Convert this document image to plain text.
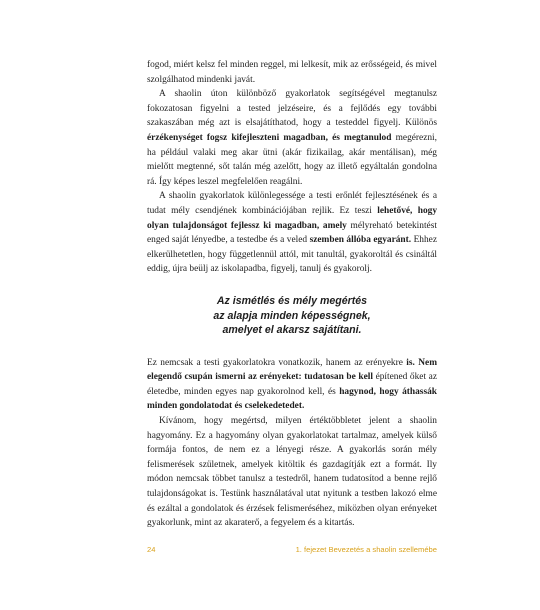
fogod, miért kelsz fel minden reggel, mi lelkesít, mik az erősségeid, és mivel szolgálhatod mindenki javát.

A shaolin úton különböző gyakorlatok segítségével megtanulsz fokozatosan figyelni a tested jelzéseire, és a fejlődés egy további szakaszában még azt is elsajátíthatod, hogy a testeddel figyelj. Különös érzékenységet fogsz kifejleszteni magadban, és megtanulod megérezni, ha például valaki meg akar ütni (akár fizikailag, akár mentálisan), még mielőtt megtenné, sőt talán még azelőtt, hogy az illető egyáltalán gondolna rá. Így képes leszel megfelelően reagálni.

A shaolin gyakorlatok különlegessége a testi erőnlét fejlesztésének és a tudat mély csendjének kombinációjában rejlik. Ez teszi lehetővé, hogy olyan tulajdonságot fejlessz ki magadban, amely mélyreható betekintést enged saját lényedbe, a testedbe és a veled szemben állóba egyaránt. Ehhez elkerülhetetlen, hogy függetlennül attól, mit tanultál, gyakoroltál és csináltál eddig, újra beülj az iskolapadba, figyelj, tanulj és gyakorolj.

Az ismétlés és mély megértés
az alapja minden képességnek,
amelyet el akarsz sajátítani.

Ez nemcsak a testi gyakorlatokra vonatkozik, hanem az erényekre is. Nem elegendő csupán ismerni az erényeket: tudatosan be kell építened őket az életedbe, minden egyes nap gyakorolnod kell, és hagynod, hogy áthassák minden gondolatodat és cselekedetedet.

Kívánom, hogy megértsd, milyen értéktöbbletet jelent a shaolin hagyomány. Ez a hagyomány olyan gyakorlatokat tartalmaz, amelyek külső formája fontos, de nem ez a lényegi része. A gyakorlás során mély felismerések születnek, amelyek kitöltik és gazdagítják ezt a formát. Ily módon nemcsak többet tanulsz a testedről, hanem tudatosítod a benne rejlő tulajdonságokat is. Testünk használatával utat nyitunk a testben lakozó elme és ezáltal a gondolatok és érzések felismeréséhez, miközben olyan erényeket gyakorlunk, mint az akaraterő, a fegyelem és a kitartás.

24	1. fejezet Bevezetés a shaolin szellemébe
